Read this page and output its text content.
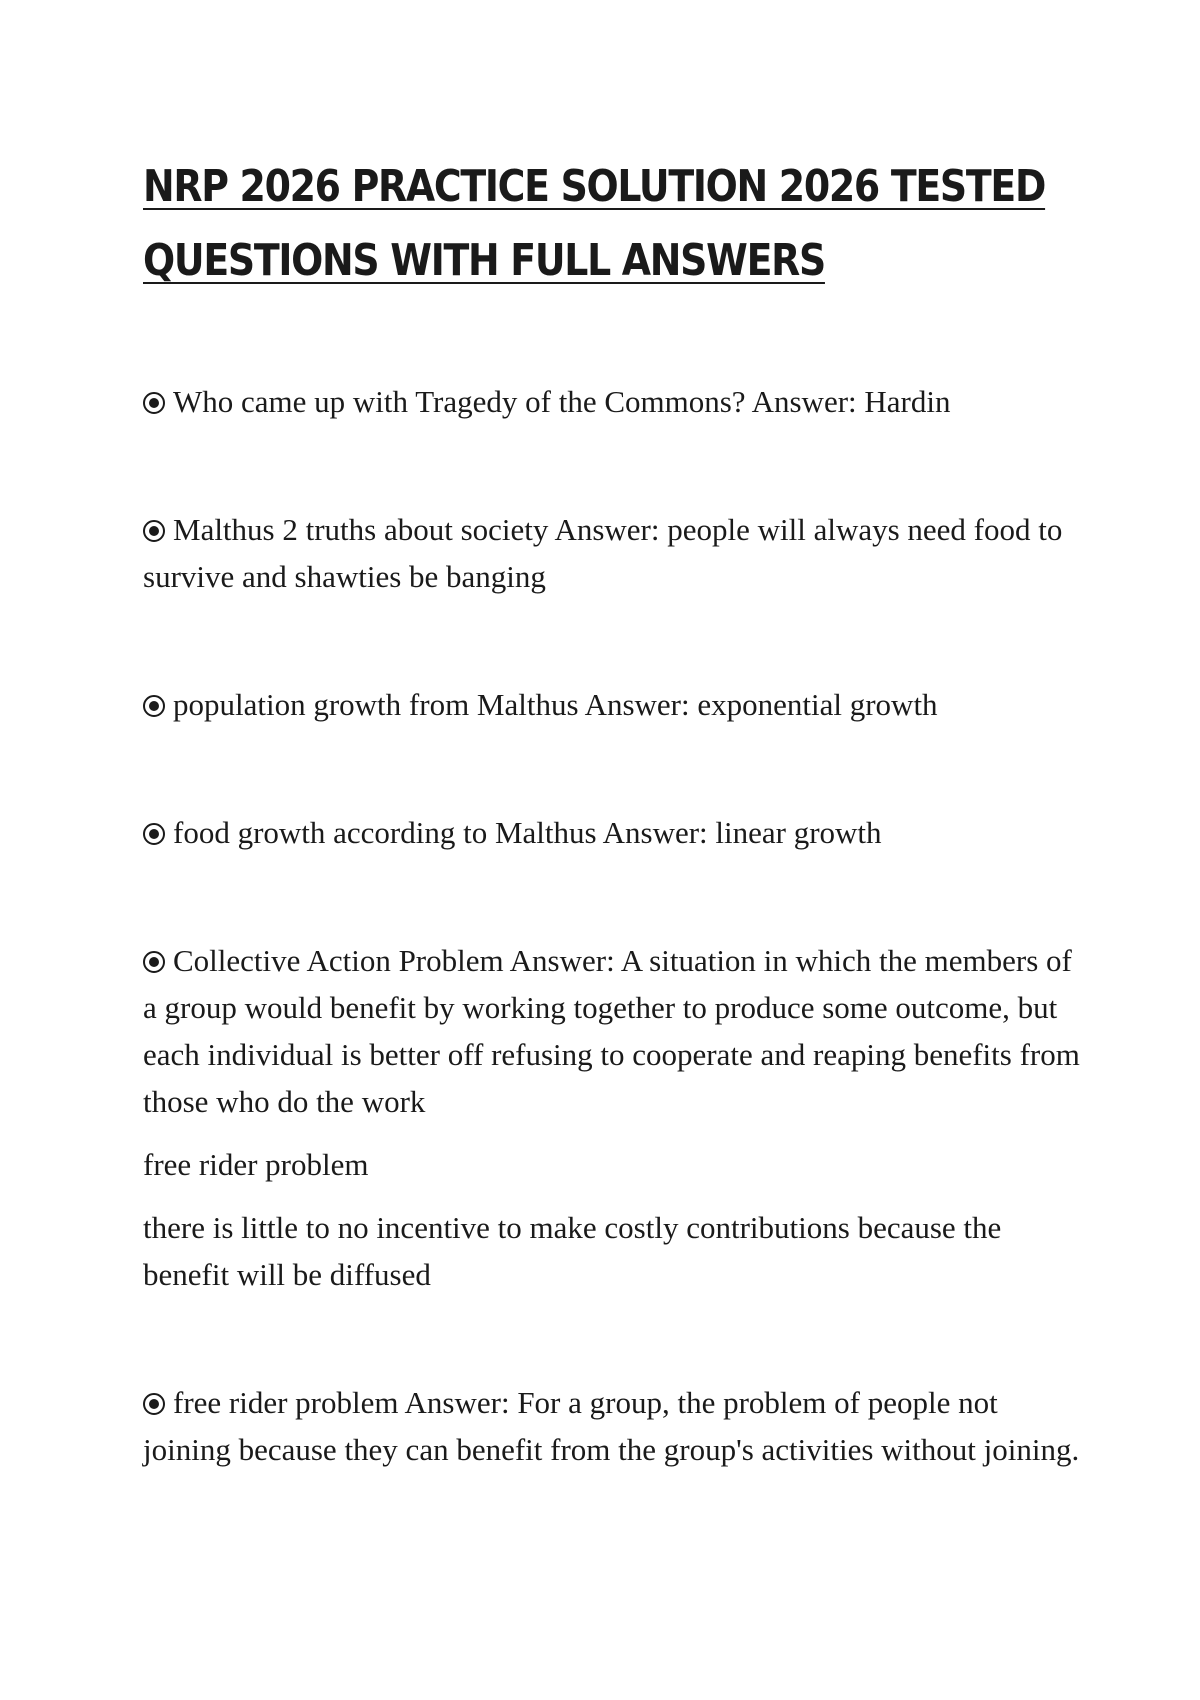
NRP 2026 PRACTICE SOLUTION 2026 TESTED QUESTIONS WITH FULL ANSWERS
Who came up with Tragedy of the Commons? Answer: Hardin
Malthus 2 truths about society Answer: people will always need food to survive and shawties be banging
population growth from Malthus Answer: exponential growth
food growth according to Malthus Answer: linear growth
Collective Action Problem Answer: A situation in which the members of a group would benefit by working together to produce some outcome, but each individual is better off refusing to cooperate and reaping benefits from those who do the work
free rider problem
there is little to no incentive to make costly contributions because the benefit will be diffused
free rider problem Answer: For a group, the problem of people not joining because they can benefit from the group's activities without joining.
